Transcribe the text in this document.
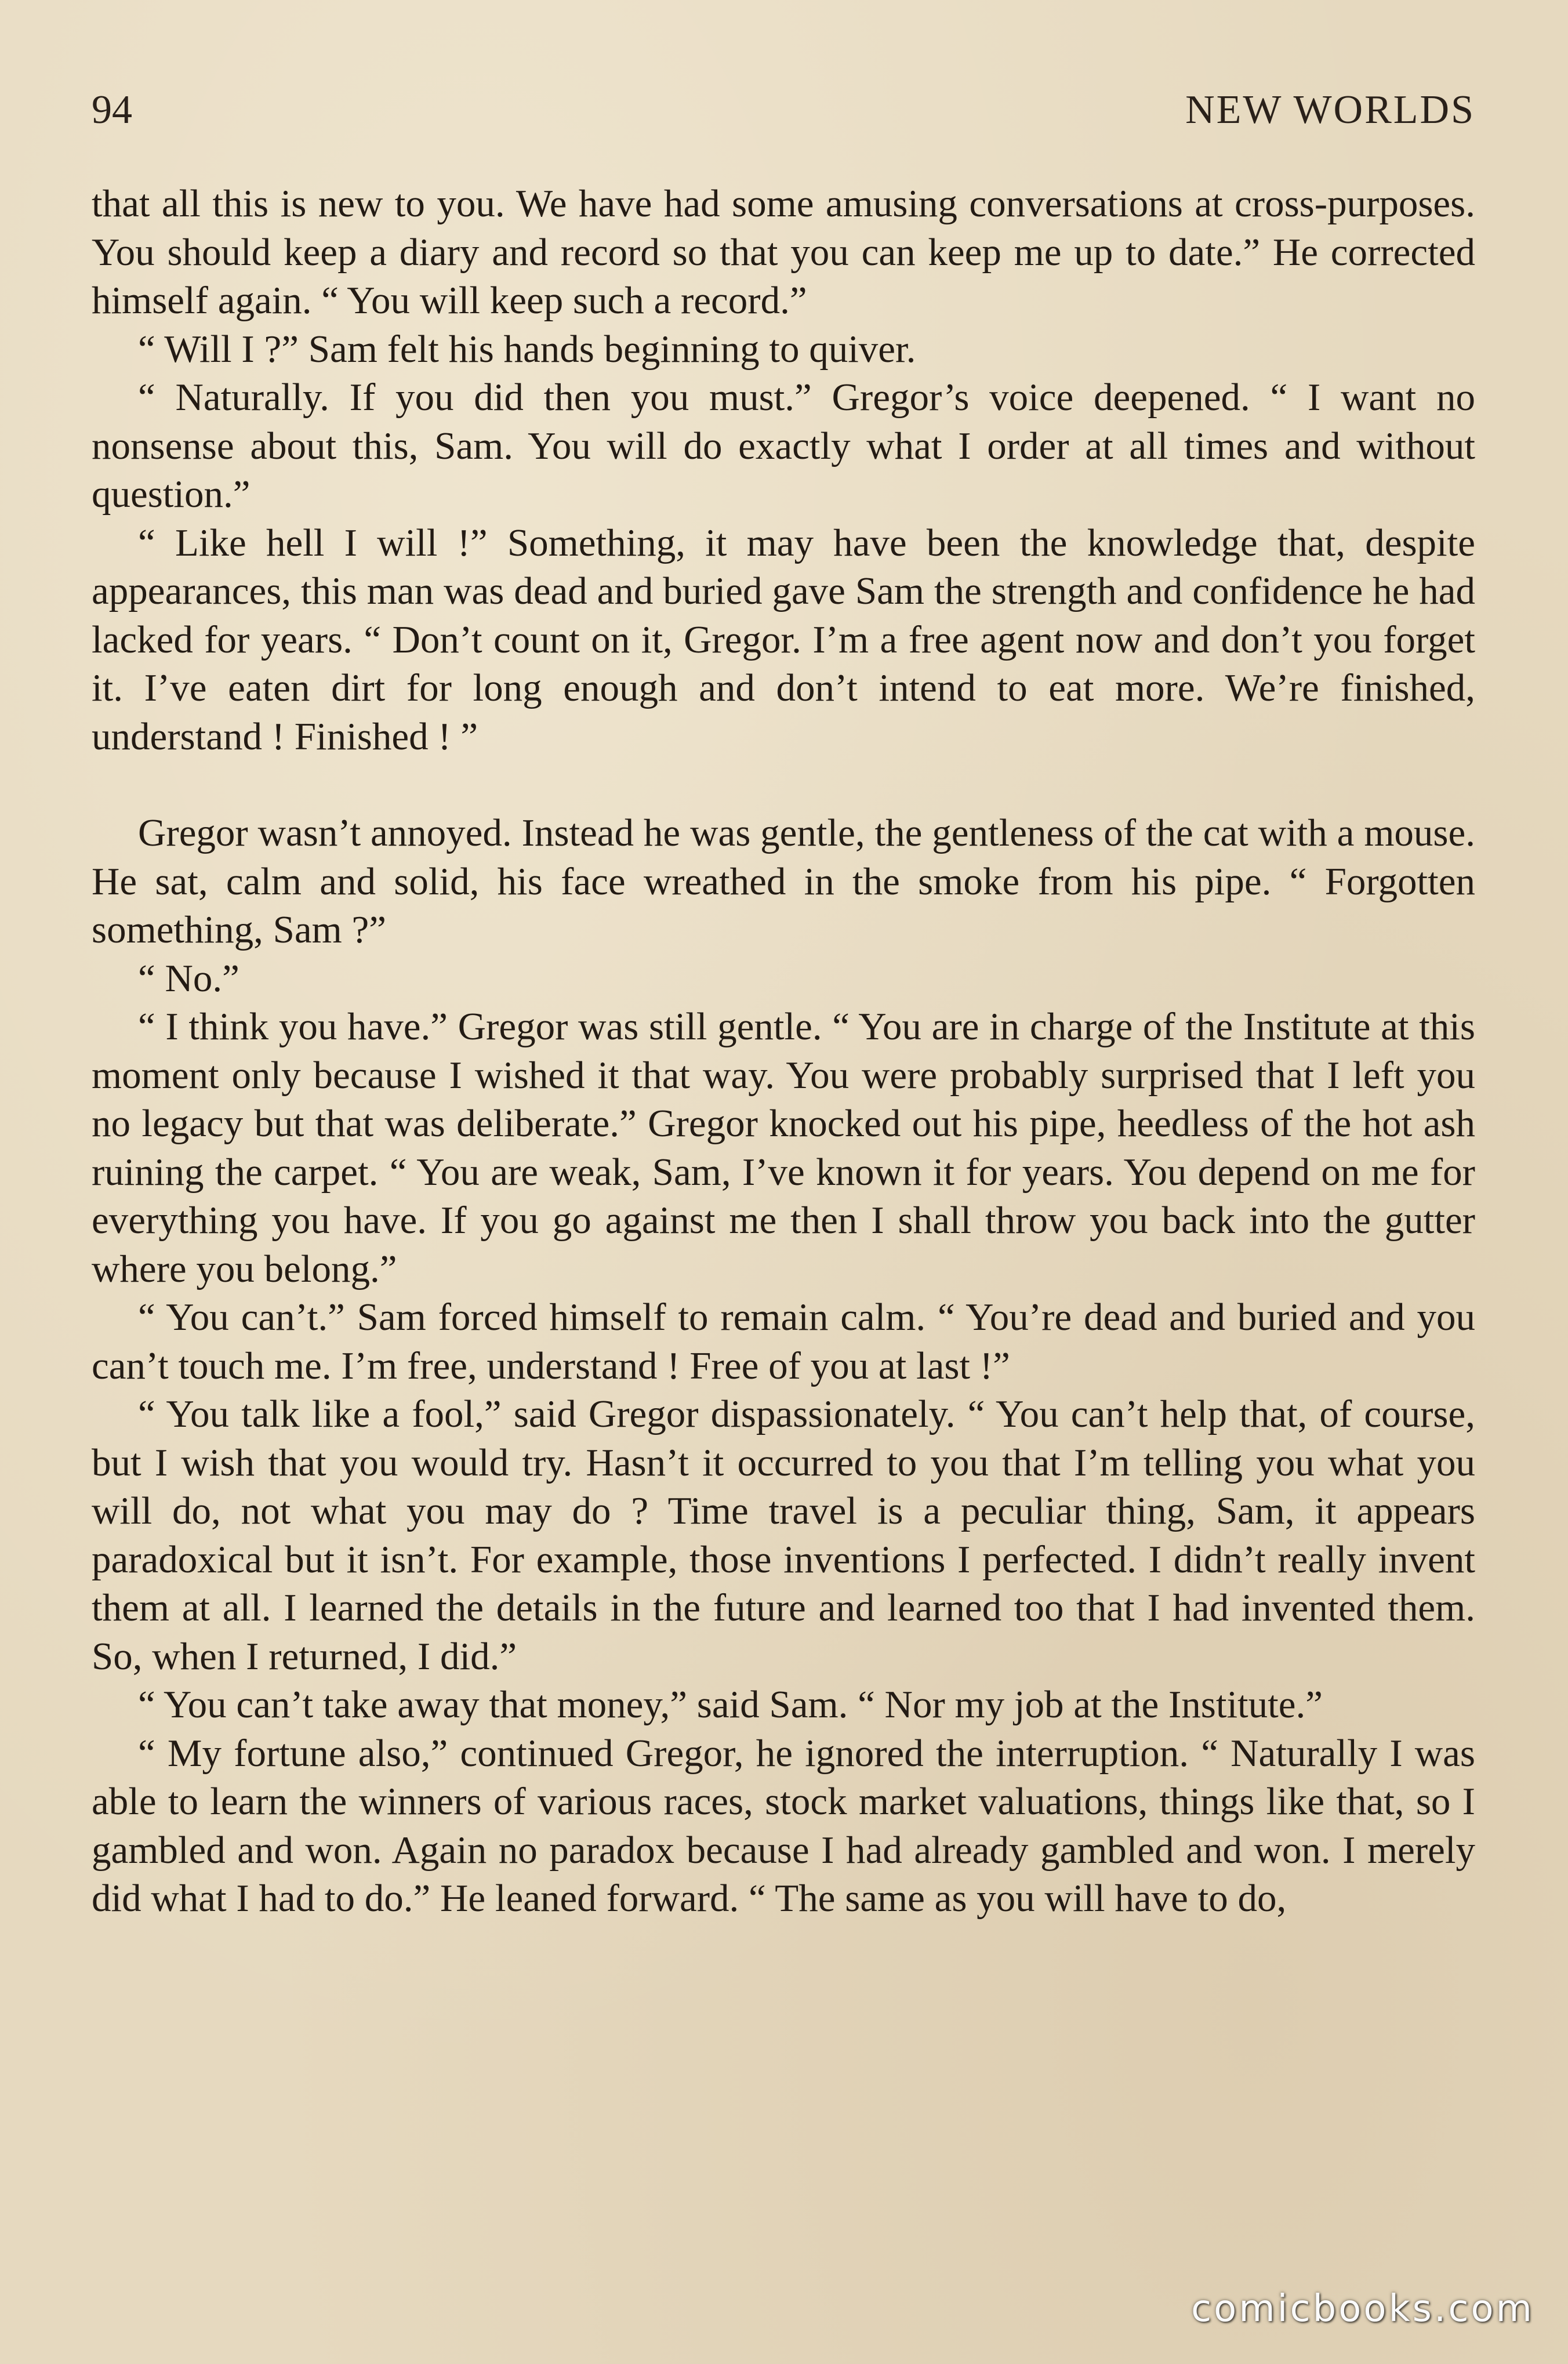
94	NEW WORLDS

that all this is new to you. We have had some amusing conversations at cross-purposes. You should keep a diary and record so that you can keep me up to date.” He corrected himself again. “ You will keep such a record.”

“ Will I ?” Sam felt his hands beginning to quiver.

“ Naturally. If you did then you must.” Gregor’s voice deepened. “ I want no nonsense about this, Sam. You will do exactly what I order at all times and without question.”

“ Like hell I will !” Something, it may have been the knowledge that, despite appearances, this man was dead and buried gave Sam the strength and confidence he had lacked for years. “ Don’t count on it, Gregor. I’m a free agent now and don’t you forget it. I’ve eaten dirt for long enough and don’t intend to eat more. We’re finished, understand ! Finished ! ”

Gregor wasn’t annoyed. Instead he was gentle, the gentleness of the cat with a mouse. He sat, calm and solid, his face wreathed in the smoke from his pipe. “ Forgotten something, Sam ?”

“ No.”

“ I think you have.” Gregor was still gentle. “ You are in charge of the Institute at this moment only because I wished it that way. You were probably surprised that I left you no legacy but that was deliberate.” Gregor knocked out his pipe, heedless of the hot ash ruining the carpet. “ You are weak, Sam, I’ve known it for years. You depend on me for everything you have. If you go against me then I shall throw you back into the gutter where you belong.”

“ You can’t.” Sam forced himself to remain calm. “ You’re dead and buried and you can’t touch me. I’m free, understand ! Free of you at last !”

“ You talk like a fool,” said Gregor dispassionately. “ You can’t help that, of course, but I wish that you would try. Hasn’t it occurred to you that I’m telling you what you will do, not what you may do ? Time travel is a peculiar thing, Sam, it appears paradoxical but it isn’t. For example, those inventions I perfected. I didn’t really invent them at all. I learned the details in the future and learned too that I had invented them. So, when I returned, I did.”

“ You can’t take away that money,” said Sam. “ Nor my job at the Institute.”

“ My fortune also,” continued Gregor, he ignored the interruption. “ Naturally I was able to learn the winners of various races, stock market valuations, things like that, so I gambled and won. Again no paradox because I had already gambled and won. I merely did what I had to do.” He leaned forward. “ The same as you will have to do,

comicbooks.com
